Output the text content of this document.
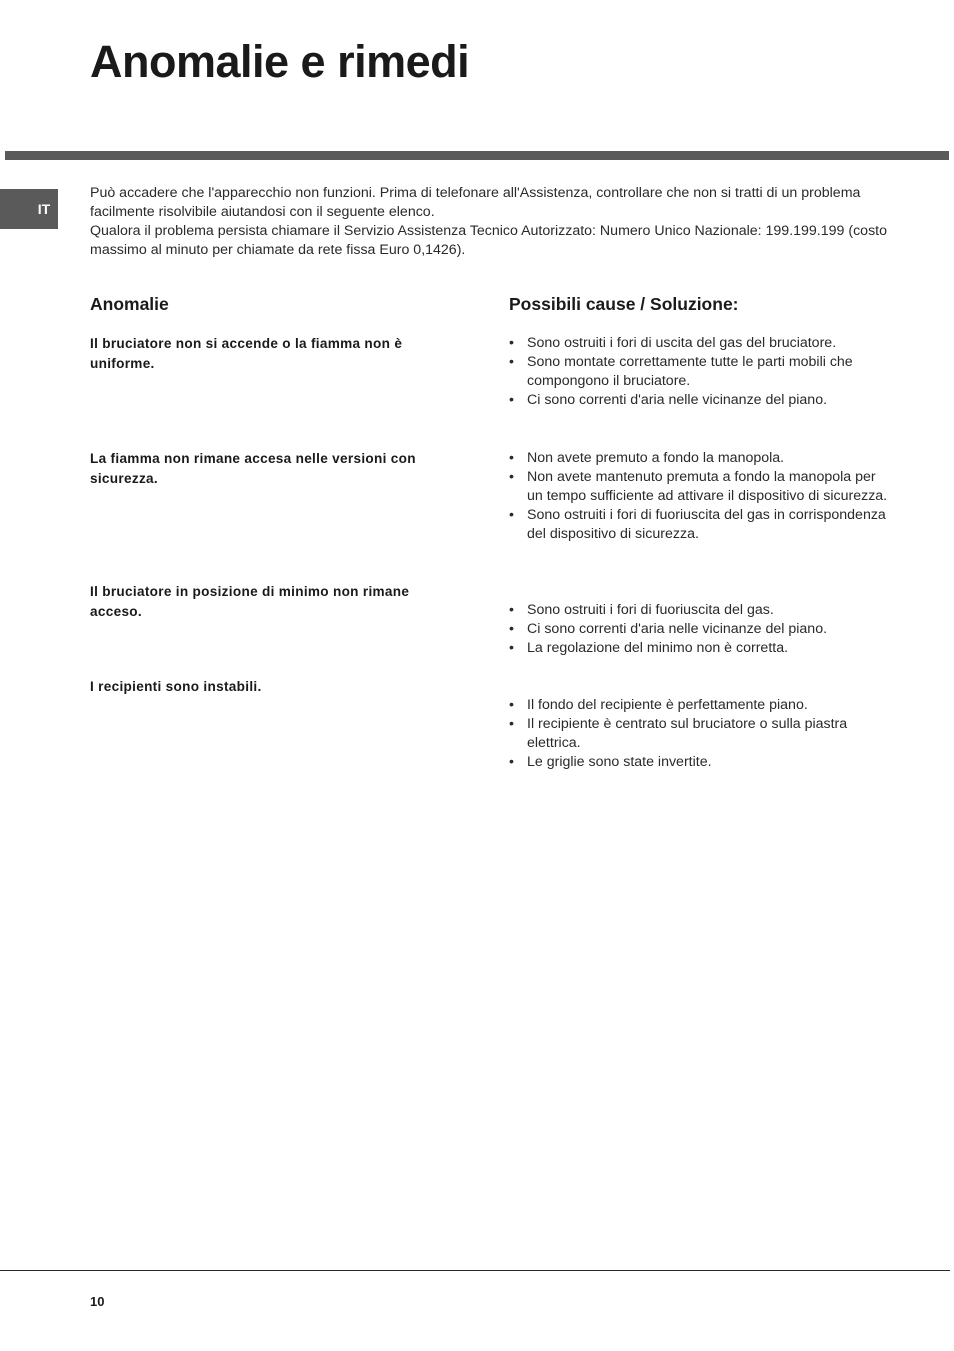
Anomalie e rimedi
IT

Può accadere che l'apparecchio non funzioni. Prima di telefonare all'Assistenza, controllare che non si tratti di un problema facilmente risolvibile aiutandosi con il seguente elenco.

Qualora il problema persista chiamare il Servizio Assistenza Tecnico Autorizzato: Numero Unico Nazionale: 199.199.199 (costo massimo al minuto per chiamate da rete fissa Euro 0,1426).

Anomalie	Possibili cause / Soluzione:
Il bruciatore non si accende o la fiamma non è uniforme.
• Sono ostruiti i fori di uscita del gas del bruciatore.
• Sono montate correttamente tutte le parti mobili che compongono il bruciatore.
• Ci sono correnti d'aria nelle vicinanze del piano.
La fiamma non rimane accesa nelle versioni con sicurezza.
• Non avete premuto a fondo la manopola.
• Non avete mantenuto premuta a fondo la manopola per un tempo sufficiente ad attivare il dispositivo di sicurezza.
• Sono ostruiti i fori di fuoriuscita del gas in corrispondenza del dispositivo di sicurezza.
Il bruciatore in posizione di minimo non rimane acceso.	• Sono ostruiti i fori di fuoriuscita del gas.
• Ci sono correnti d'aria nelle vicinanze del piano.
• La regolazione del minimo non è corretta.
I recipienti sono instabili.
• Il fondo del recipiente è perfettamente piano.
• Il recipiente è centrato sul bruciatore o sulla piastra elettrica.
• Le griglie sono state invertite.
10
